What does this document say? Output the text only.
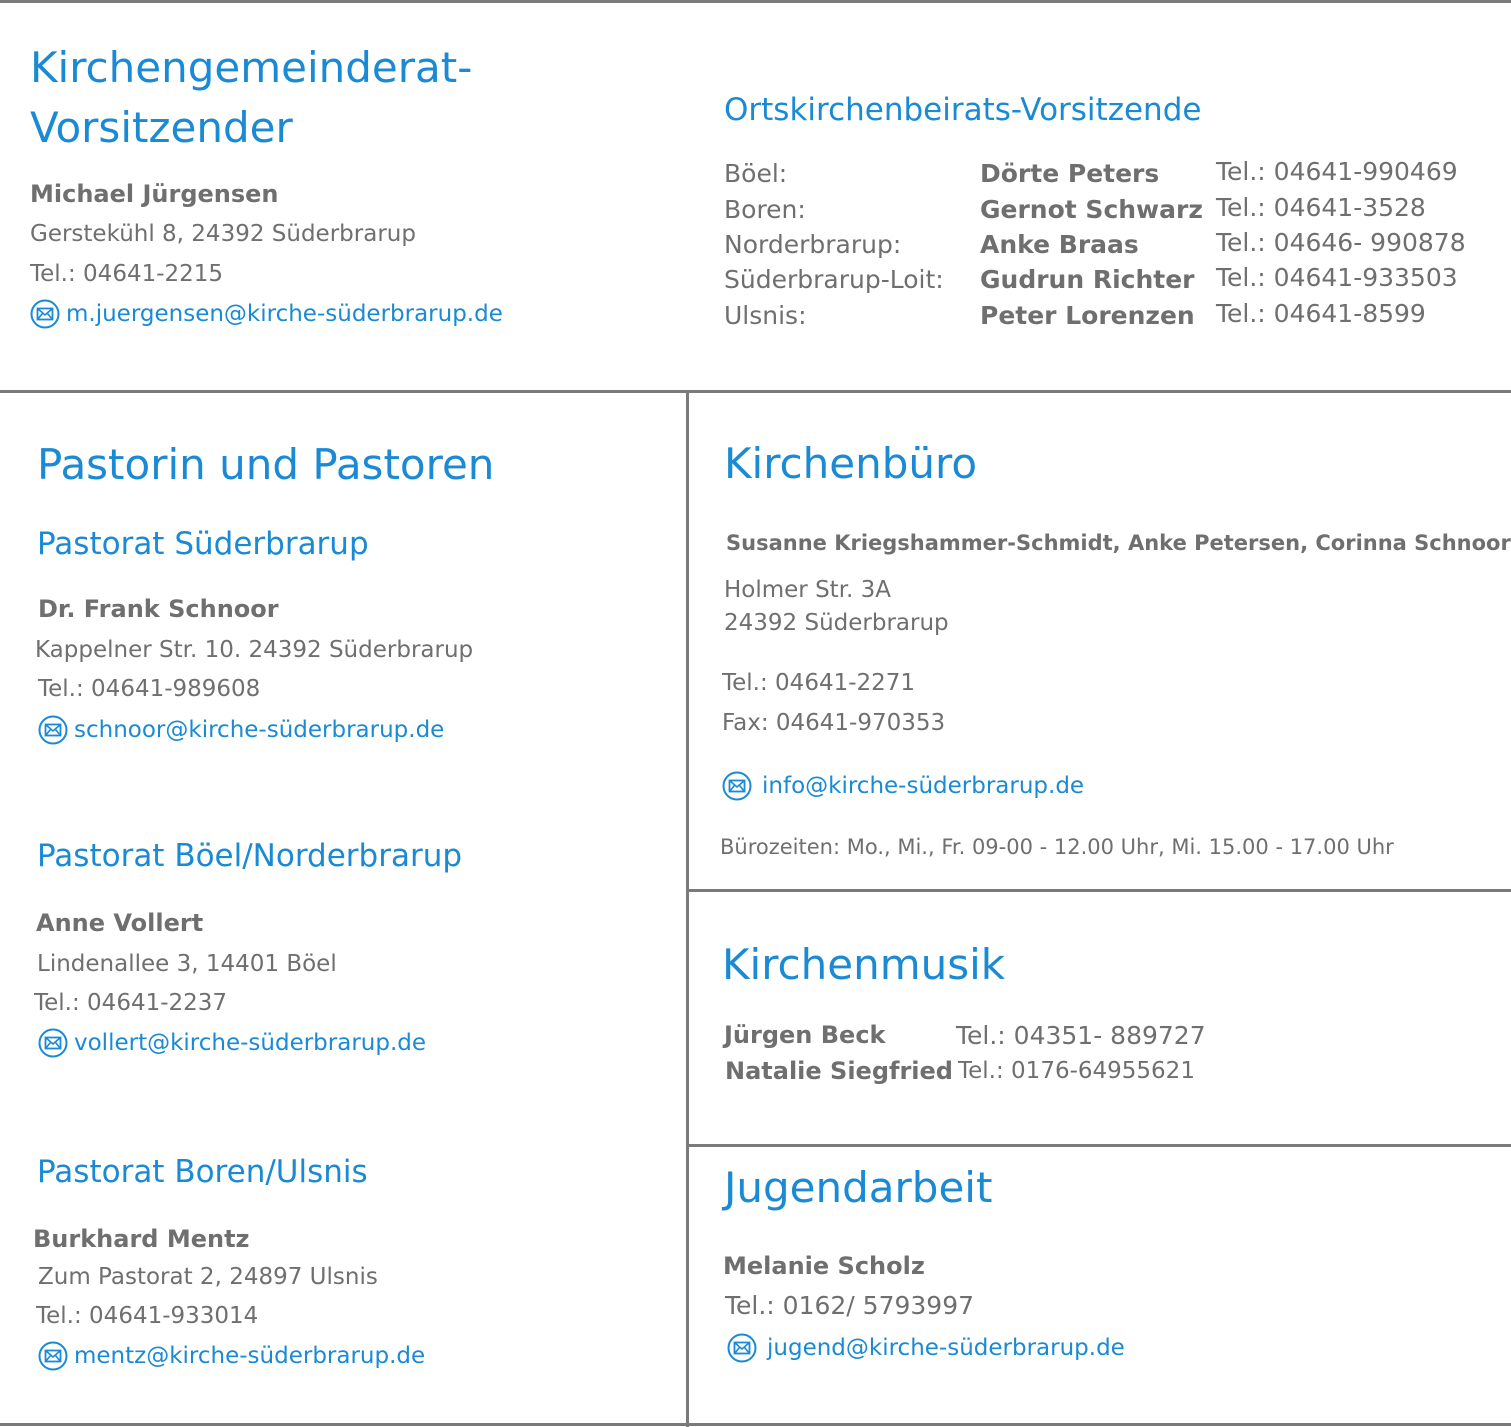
Kirchengemeinderat-
Vorsitzender
Michael Jürgensen
Gerstekühl 8, 24392 Süderbrarup
Tel.: 04641-2215
m.juergensen@kirche-süderbrarup.de
Ortskirchenbeirats-Vorsitzende
Böel:	Dörte Peters Tel.: 04641-990469
Boren:	Gernot Schwarz Tel.: 04641-3528
Norderbrarup:	Anke Braas	Tel.: 04646- 990878
Süderbrarup-Loit: Gudrun Richter Tel.: 04641-933503
Ulsnis:	Peter Lorenzen Tel.: 04641-8599
Pastorin und Pastoren
Pastorat Süderbrarup
Dr. Frank Schnoor
Kappelner Str. 10. 24392 Süderbrarup
Tel.: 04641-989608
schnoor@kirche-süderbrarup.de
Pastorat Böel/Norderbrarup
Anne Vollert
Lindenallee 3, 14401 Böel
Tel.: 04641-2237
vollert@kirche-süderbrarup.de
Pastorat Boren/Ulsnis
Burkhard Mentz
Zum Pastorat 2, 24897 Ulsnis
Tel.: 04641-933014
mentz@kirche-süderbrarup.de
Kirchenbüro
Susanne Kriegshammer-Schmidt, Anke Petersen, Corinna Schnoor
Holmer Str. 3A
24392 Süderbrarup
Tel.: 04641-2271
Fax: 04641-970353
info@kirche-süderbrarup.de
Bürozeiten: Mo., Mi., Fr. 09-00 - 12.00 Uhr, Mi. 15.00 - 17.00 Uhr
Kirchenmusik
Jürgen Beck	Tel.: 04351- 889727
Natalie Siegfried Tel.: 0176-64955621
Jugendarbeit
Melanie Scholz
Tel.: 0162/ 5793997
jugend@kirche-süderbrarup.de
